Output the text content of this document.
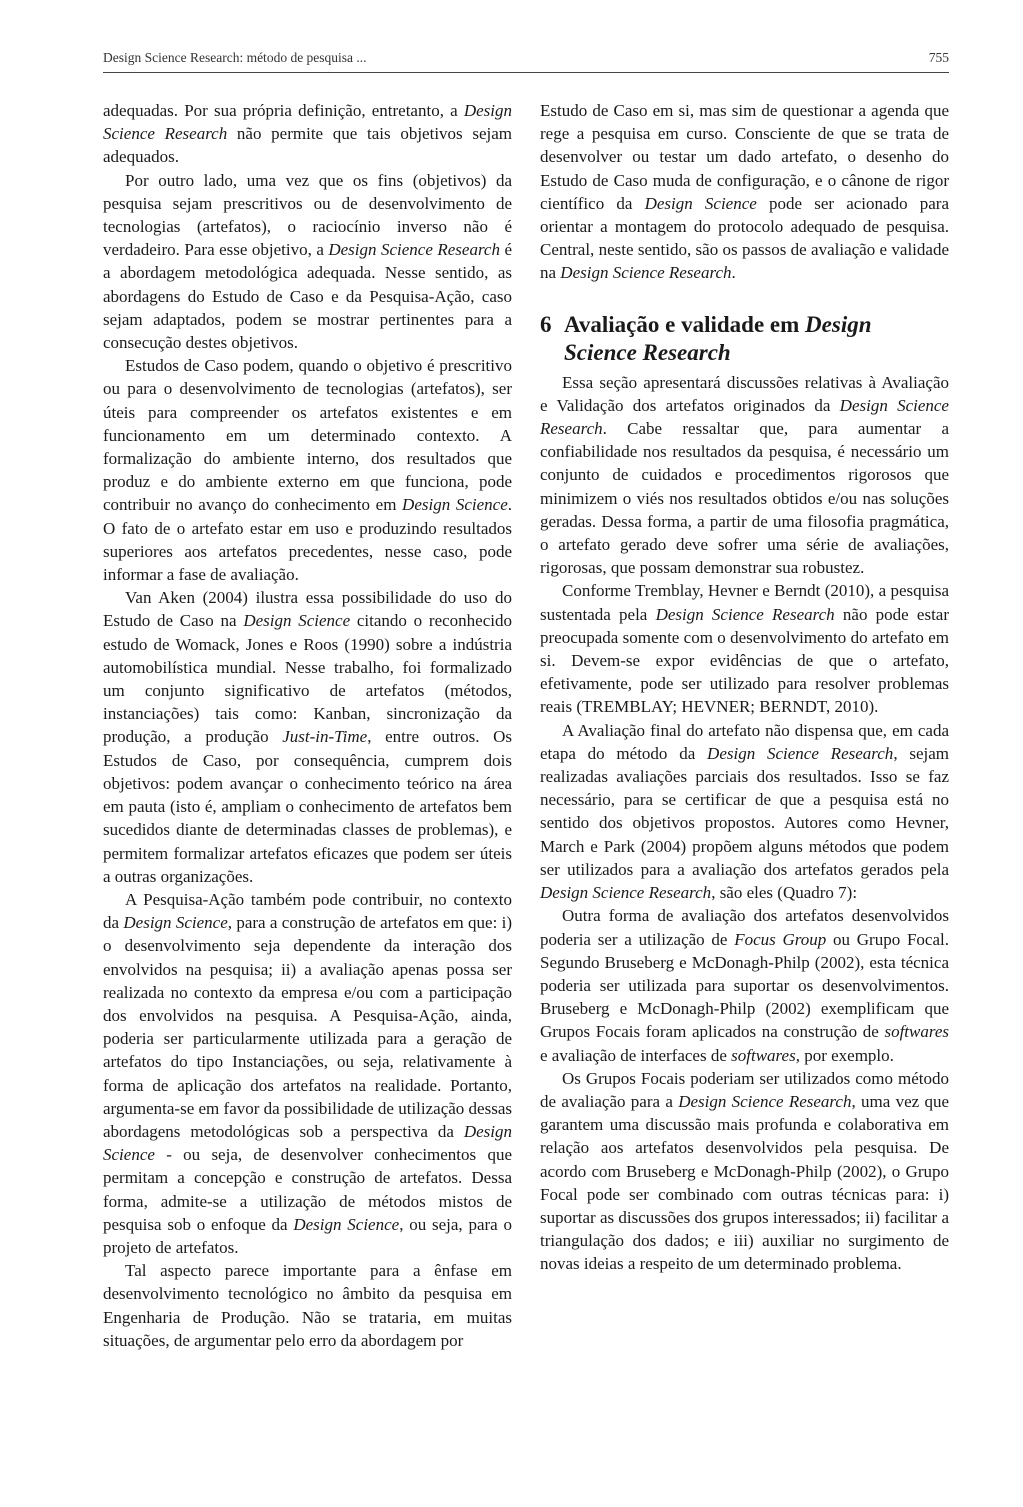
Design Science Research: método de pesquisa ...	755

adequadas. Por sua própria definição, entretanto, a Design Science Research não permite que tais objetivos sejam adequados.

Por outro lado, uma vez que os fins (objetivos) da pesquisa sejam prescritivos ou de desenvolvimento de tecnologias (artefatos), o raciocínio inverso não é verdadeiro. Para esse objetivo, a Design Science Research é a abordagem metodológica adequada. Nesse sentido, as abordagens do Estudo de Caso e da Pesquisa-Ação, caso sejam adaptados, podem se mostrar pertinentes para a consecução destes objetivos.

Estudos de Caso podem, quando o objetivo é prescritivo ou para o desenvolvimento de tecnologias (artefatos), ser úteis para compreender os artefatos existentes e em funcionamento em um determinado contexto. A formalização do ambiente interno, dos resultados que produz e do ambiente externo em que funciona, pode contribuir no avanço do conhecimento em Design Science. O fato de o artefato estar em uso e produzindo resultados superiores aos artefatos precedentes, nesse caso, pode informar a fase de avaliação.

Van Aken (2004) ilustra essa possibilidade do uso do Estudo de Caso na Design Science citando o reconhecido estudo de Womack, Jones e Roos (1990) sobre a indústria automobilística mundial. Nesse trabalho, foi formalizado um conjunto significativo de artefatos (métodos, instanciações) tais como: Kanban, sincronização da produção, a produção Just-in-Time, entre outros. Os Estudos de Caso, por consequência, cumprem dois objetivos: podem avançar o conhecimento teórico na área em pauta (isto é, ampliam o conhecimento de artefatos bem sucedidos diante de determinadas classes de problemas), e permitem formalizar artefatos eficazes que podem ser úteis a outras organizações.

A Pesquisa-Ação também pode contribuir, no contexto da Design Science, para a construção de artefatos em que: i) o desenvolvimento seja dependente da interação dos envolvidos na pesquisa; ii) a avaliação apenas possa ser realizada no contexto da empresa e/ou com a participação dos envolvidos na pesquisa. A Pesquisa-Ação, ainda, poderia ser particularmente utilizada para a geração de artefatos do tipo Instanciações, ou seja, relativamente à forma de aplicação dos artefatos na realidade. Portanto, argumenta-se em favor da possibilidade de utilização dessas abordagens metodológicas sob a perspectiva da Design Science - ou seja, de desenvolver conhecimentos que permitam a concepção e construção de artefatos. Dessa forma, admite-se a utilização de métodos mistos de pesquisa sob o enfoque da Design Science, ou seja, para o projeto de artefatos.

Tal aspecto parece importante para a ênfase em desenvolvimento tecnológico no âmbito da pesquisa em Engenharia de Produção. Não se trataria, em muitas situações, de argumentar pelo erro da abordagem por

Estudo de Caso em si, mas sim de questionar a agenda que rege a pesquisa em curso. Consciente de que se trata de desenvolver ou testar um dado artefato, o desenho do Estudo de Caso muda de configuração, e o cânone de rigor científico da Design Science pode ser acionado para orientar a montagem do protocolo adequado de pesquisa. Central, neste sentido, são os passos de avaliação e validade na Design Science Research.

6 Avaliação e validade em Design Science Research

Essa seção apresentará discussões relativas à Avaliação e Validação dos artefatos originados da Design Science Research. Cabe ressaltar que, para aumentar a confiabilidade nos resultados da pesquisa, é necessário um conjunto de cuidados e procedimentos rigorosos que minimizem o viés nos resultados obtidos e/ou nas soluções geradas. Dessa forma, a partir de uma filosofia pragmática, o artefato gerado deve sofrer uma série de avaliações, rigorosas, que possam demonstrar sua robustez.

Conforme Tremblay, Hevner e Berndt (2010), a pesquisa sustentada pela Design Science Research não pode estar preocupada somente com o desenvolvimento do artefato em si. Devem-se expor evidências de que o artefato, efetivamente, pode ser utilizado para resolver problemas reais (TREMBLAY; HEVNER; BERNDT, 2010).

A Avaliação final do artefato não dispensa que, em cada etapa do método da Design Science Research, sejam realizadas avaliações parciais dos resultados. Isso se faz necessário, para se certificar de que a pesquisa está no sentido dos objetivos propostos. Autores como Hevner, March e Park (2004) propõem alguns métodos que podem ser utilizados para a avaliação dos artefatos gerados pela Design Science Research, são eles (Quadro 7):

Outra forma de avaliação dos artefatos desenvolvidos poderia ser a utilização de Focus Group ou Grupo Focal. Segundo Bruseberg e McDonagh-Philp (2002), esta técnica poderia ser utilizada para suportar os desenvolvimentos. Bruseberg e McDonagh-Philp (2002) exemplificam que Grupos Focais foram aplicados na construção de softwares e avaliação de interfaces de softwares, por exemplo.

Os Grupos Focais poderiam ser utilizados como método de avaliação para a Design Science Research, uma vez que garantem uma discussão mais profunda e colaborativa em relação aos artefatos desenvolvidos pela pesquisa. De acordo com Bruseberg e McDonagh-Philp (2002), o Grupo Focal pode ser combinado com outras técnicas para: i) suportar as discussões dos grupos interessados; ii) facilitar a triangulação dos dados; e iii) auxiliar no surgimento de novas ideias a respeito de um determinado problema.
